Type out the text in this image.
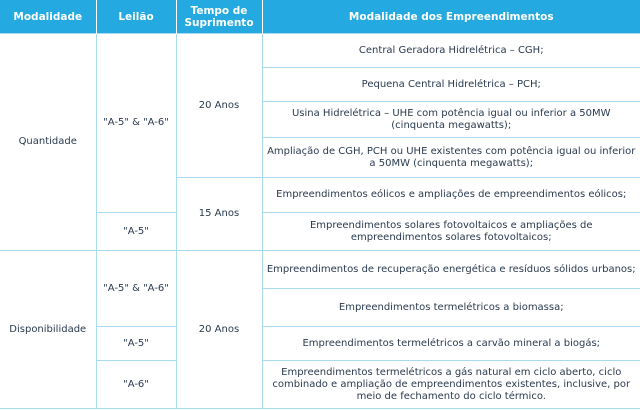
Modalidade	Leilão	Tempo de Suprimento	Modalidade dos Empreendimentos
Quantidade	"A-5" & "A-6"	20 Anos	Central Geradora Hidrelétrica – CGH;
			Pequena Central Hidrelétrica – PCH;
			Usina Hidrelétrica – UHE com potência igual ou inferior a 50MW (cinquenta megawatts);
			Ampliação de CGH, PCH ou UHE existentes com potência igual ou inferior a 50MW (cinquenta megawatts);
		15 Anos	Empreendimentos eólicos e ampliações de empreendimentos eólicos;
	"A-5"		Empreendimentos solares fotovoltaicos e ampliações de empreendimentos solares fotovoltaicos;
Disponibilidade	"A-5" & "A-6"	20 Anos	Empreendimentos de recuperação energética e resíduos sólidos urbanos;
			Empreendimentos termelétricos a biomassa;
	"A-5"		Empreendimentos termelétricos a carvão mineral a biogás;
	"A-6"		Empreendimentos termelétricos a gás natural em ciclo aberto, ciclo combinado e ampliação de empreendimentos existentes, inclusive, por meio de fechamento do ciclo térmico.
